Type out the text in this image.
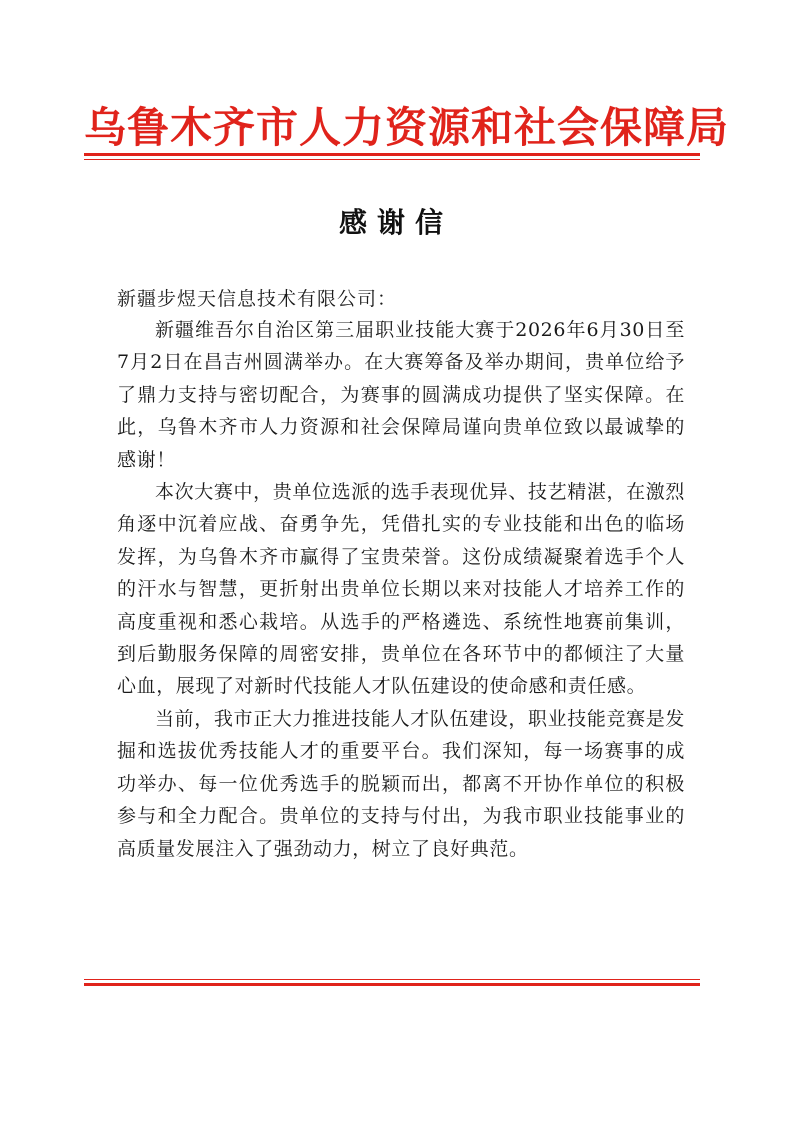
乌鲁木齐市人力资源和社会保障局
感谢信
新疆步煜天信息技术有限公司：

新疆维吾尔自治区第三届职业技能大赛于2026年6月30日至7月2日在昌吉州圆满举办。在大赛筹备及举办期间，贵单位给予了鼎力支持与密切配合，为赛事的圆满成功提供了坚实保障。在此，乌鲁木齐市人力资源和社会保障局谨向贵单位致以最诚挚的感谢！

本次大赛中，贵单位选派的选手表现优异、技艺精湛，在激烈角逐中沉着应战、奋勇争先，凭借扎实的专业技能和出色的临场发挥，为乌鲁木齐市赢得了宝贵荣誉。这份成绩凝聚着选手个人的汗水与智慧，更折射出贵单位长期以来对技能人才培养工作的高度重视和悉心栽培。从选手的严格遴选、系统性地赛前集训，到后勤服务保障的周密安排，贵单位在各环节中的都倾注了大量心血，展现了对新时代技能人才队伍建设的使命感和责任感。

当前，我市正大力推进技能人才队伍建设，职业技能竞赛是发掘和选拔优秀技能人才的重要平台。我们深知，每一场赛事的成功举办、每一位优秀选手的脱颖而出，都离不开协作单位的积极参与和全力配合。贵单位的支持与付出，为我市职业技能事业的高质量发展注入了强劲动力，树立了良好典范。
